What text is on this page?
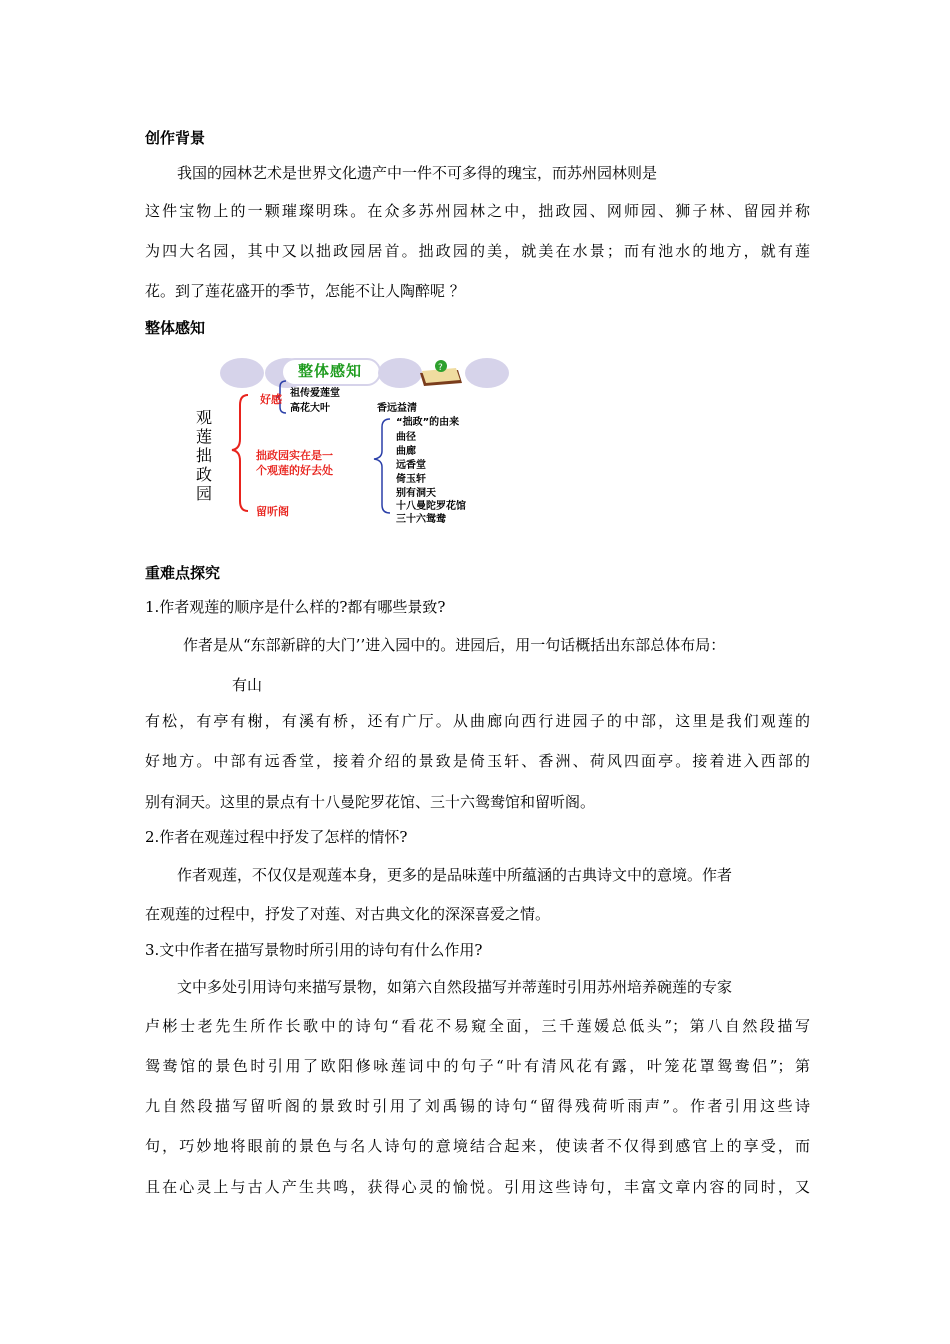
创作背景
我国的园林艺术是世界文化遗产中一件不可多得的瑰宝，而苏州园林则是
这件宝物上的一颗璀璨明珠。在众多苏州园林之中，拙政园、网师园、狮子林、留园并称
为四大名园，其中又以拙政园居首。拙政园的美，就美在水景；而有池水的地方，就有莲
花。到了莲花盛开的季节，怎能不让人陶醉呢 ？
整体感知
?
整体感知
观莲拙政园
好感 祖传爱莲堂
高花大叶	香远益清
拙政园实在是一
个观莲的好去处
“拙政”的由来
曲径
曲廊
远香堂
倚玉轩
别有洞天
十八曼陀罗花馆
三十六鸳鸯
留听阁
重难点探究
1.作者观莲的顺序是什么样的?都有哪些景致?
作者是从“东部新辟的大门’’进入园中的。进园后，用一句话概括出东部总体布局：
有山
有松，有亭有榭，有溪有桥，还有广厅。从曲廊向西行进园子的中部，这里是我们观莲的
好地方。中部有远香堂，接着介绍的景致是倚玉轩、香洲、荷风四面亭。接着进入西部的
别有洞天。这里的景点有十八曼陀罗花馆、三十六鸳鸯馆和留听阁。
2.作者在观莲过程中抒发了怎样的情怀?
作者观莲，不仅仅是观莲本身，更多的是品味莲中所蕴涵的古典诗文中的意境。作者
在观莲的过程中，抒发了对莲、对古典文化的深深喜爱之情。
3.文中作者在描写景物时所引用的诗句有什么作用?
文中多处引用诗句来描写景物，如第六自然段描写并蒂莲时引用苏州培养碗莲的专家
卢彬士老先生所作长歌中的诗句“看花不易窥全面，三千莲媛总低头”；第八自然段描写
鸳鸯馆的景色时引用了欧阳修咏莲词中的句子“叶有清风花有露，叶笼花罩鸳鸯侣”；第
九自然段描写留听阁的景致时引用了刘禹锡的诗句“留得残荷听雨声”。作者引用这些诗
句，巧妙地将眼前的景色与名人诗句的意境结合起来，使读者不仅得到感官上的享受，而
且在心灵上与古人产生共鸣，获得心灵的愉悦。引用这些诗句，丰富文章内容的同时，又
